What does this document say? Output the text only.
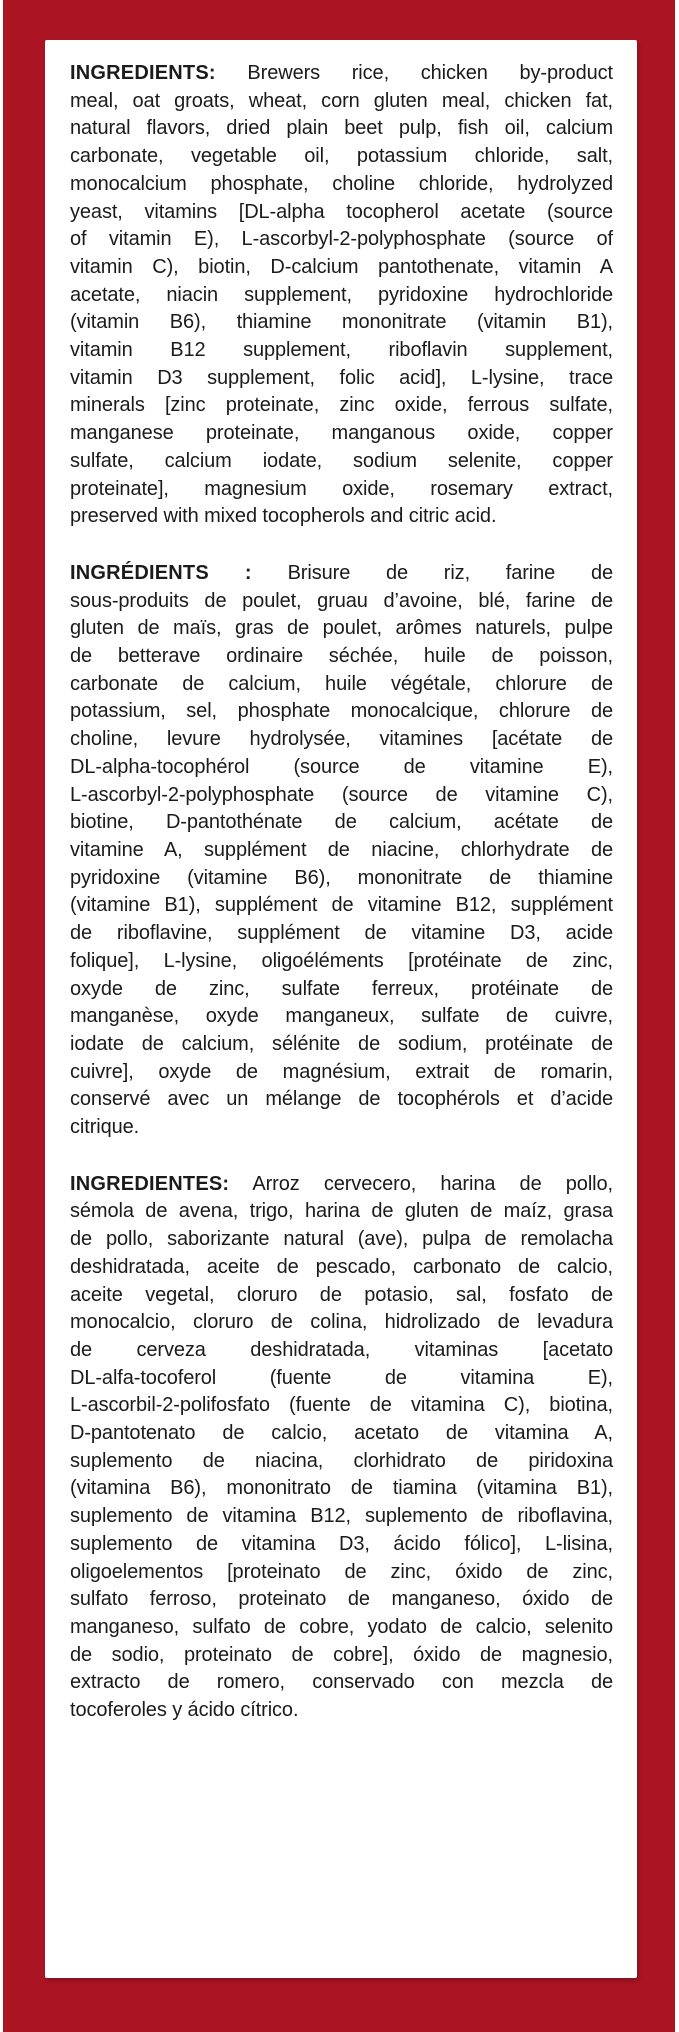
INGREDIENTS: Brewers rice, chicken by-product
meal, oat groats, wheat, corn gluten meal, chicken fat,
natural flavors, dried plain beet pulp, fish oil, calcium
carbonate, vegetable oil, potassium chloride, salt,
monocalcium phosphate, choline chloride, hydrolyzed
yeast, vitamins [DL-alpha tocopherol acetate (source
of vitamin E), L-ascorbyl-2-polyphosphate (source of
vitamin C), biotin, D-calcium pantothenate, vitamin A
acetate, niacin supplement, pyridoxine hydrochloride
(vitamin B6), thiamine mononitrate (vitamin B1),
vitamin B12 supplement, riboflavin supplement,
vitamin D3 supplement, folic acid], L-lysine, trace
minerals [zinc proteinate, zinc oxide, ferrous sulfate,
manganese proteinate, manganous oxide, copper
sulfate, calcium iodate, sodium selenite, copper
proteinate], magnesium oxide, rosemary extract,
preserved with mixed tocopherols and citric acid.
INGRÉDIENTS : Brisure de riz, farine de
sous-produits de poulet, gruau d’avoine, blé, farine de
gluten de maïs, gras de poulet, arômes naturels, pulpe
de betterave ordinaire séchée, huile de poisson,
carbonate de calcium, huile végétale, chlorure de
potassium, sel, phosphate monocalcique, chlorure de
choline, levure hydrolysée, vitamines [acétate de
DL-alpha-tocophérol (source de vitamine E),
L-ascorbyl-2-polyphosphate (source de vitamine C),
biotine, D-pantothénate de calcium, acétate de
vitamine A, supplément de niacine, chlorhydrate de
pyridoxine (vitamine B6), mononitrate de thiamine
(vitamine B1), supplément de vitamine B12, supplément
de riboflavine, supplément de vitamine D3, acide
folique], L-lysine, oligoéléments [protéinate de zinc,
oxyde de zinc, sulfate ferreux, protéinate de
manganèse, oxyde manganeux, sulfate de cuivre,
iodate de calcium, sélénite de sodium, protéinate de
cuivre], oxyde de magnésium, extrait de romarin,
conservé avec un mélange de tocophérols et d’acide
citrique.
INGREDIENTES: Arroz cervecero, harina de pollo,
sémola de avena, trigo, harina de gluten de maíz, grasa
de pollo, saborizante natural (ave), pulpa de remolacha
deshidratada, aceite de pescado, carbonato de calcio,
aceite vegetal, cloruro de potasio, sal, fosfato de
monocalcio, cloruro de colina, hidrolizado de levadura
de cerveza deshidratada, vitaminas [acetato
DL-alfa-tocoferol (fuente de vitamina E),
L-ascorbil-2-polifosfato (fuente de vitamina C), biotina,
D-pantotenato de calcio, acetato de vitamina A,
suplemento de niacina, clorhidrato de piridoxina
(vitamina B6), mononitrato de tiamina (vitamina B1),
suplemento de vitamina B12, suplemento de riboflavina,
suplemento de vitamina D3, ácido fólico], L-lisina,
oligoelementos [proteinato de zinc, óxido de zinc,
sulfato ferroso, proteinato de manganeso, óxido de
manganeso, sulfato de cobre, yodato de calcio, selenito
de sodio, proteinato de cobre], óxido de magnesio,
extracto de romero, conservado con mezcla de
tocoferoles y ácido cítrico.
